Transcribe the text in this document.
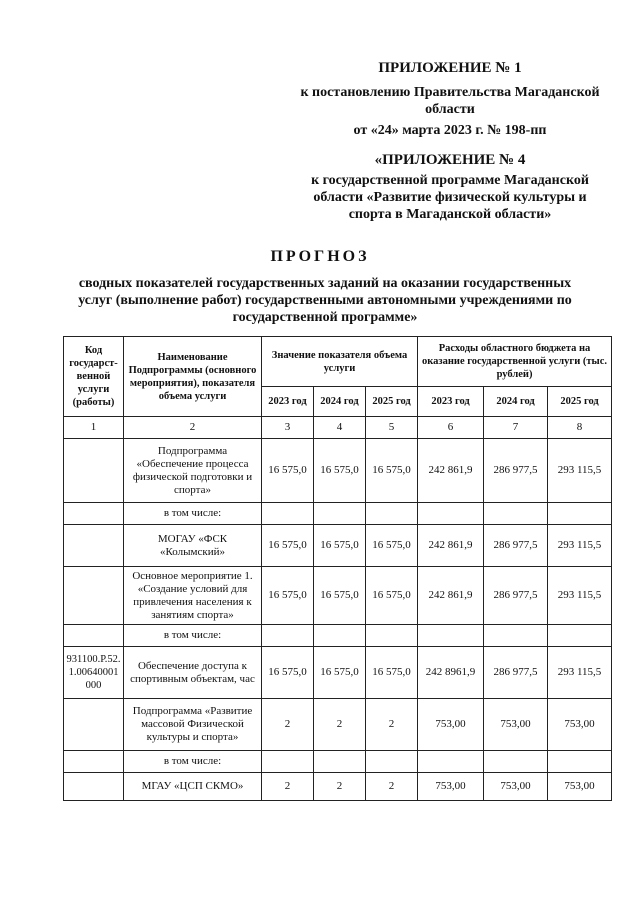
ПРИЛОЖЕНИЕ № 1
к постановлению Правительства Магаданской области
от «24» марта 2023 г. № 198-пп
«ПРИЛОЖЕНИЕ № 4
к государственной программе Магаданской области «Развитие физической культуры и спорта в Магаданской области»
ПРОГНОЗ
сводных показателей государственных заданий на оказании государственных услуг (выполнение работ) государственными автономными учреждениями по государственной программе»
Код государст-венной услуги (работы)	Наименование Подпрограммы (основного мероприятия), показателя объема услуги	Значение показателя объема услуги			Расходы областного бюджета на оказание государственной услуги (тыс. рублей)		
		2023 год	2024 год	2025 год	2023 год	2024 год	2025 год
1	2	3	4	5	6	7	8
	Подпрограмма «Обеспечение процесса физической подготовки и спорта»	16 575,0	16 575,0	16 575,0	242 861,9	286 977,5	293 115,5
	в том числе:						
	МОГАУ «ФСК «Колымский»	16 575,0	16 575,0	16 575,0	242 861,9	286 977,5	293 115,5
	Основное мероприятие 1. «Создание условий для привлечения населения к занятиям спорта»	16 575,0	16 575,0	16 575,0	242 861,9	286 977,5	293 115,5
	в том числе:						
931100.Р.52.1.00640001000	Обеспечение доступа к спортивным объектам, час	16 575,0	16 575,0	16 575,0	242 8961,9	286 977,5	293 115,5
	Подпрограмма «Развитие массовой Физической культуры и спорта»	2	2	2	753,00	753,00	753,00
	в том числе:						
	МГАУ «ЦСП СКМО»	2	2	2	753,00	753,00	753,00
